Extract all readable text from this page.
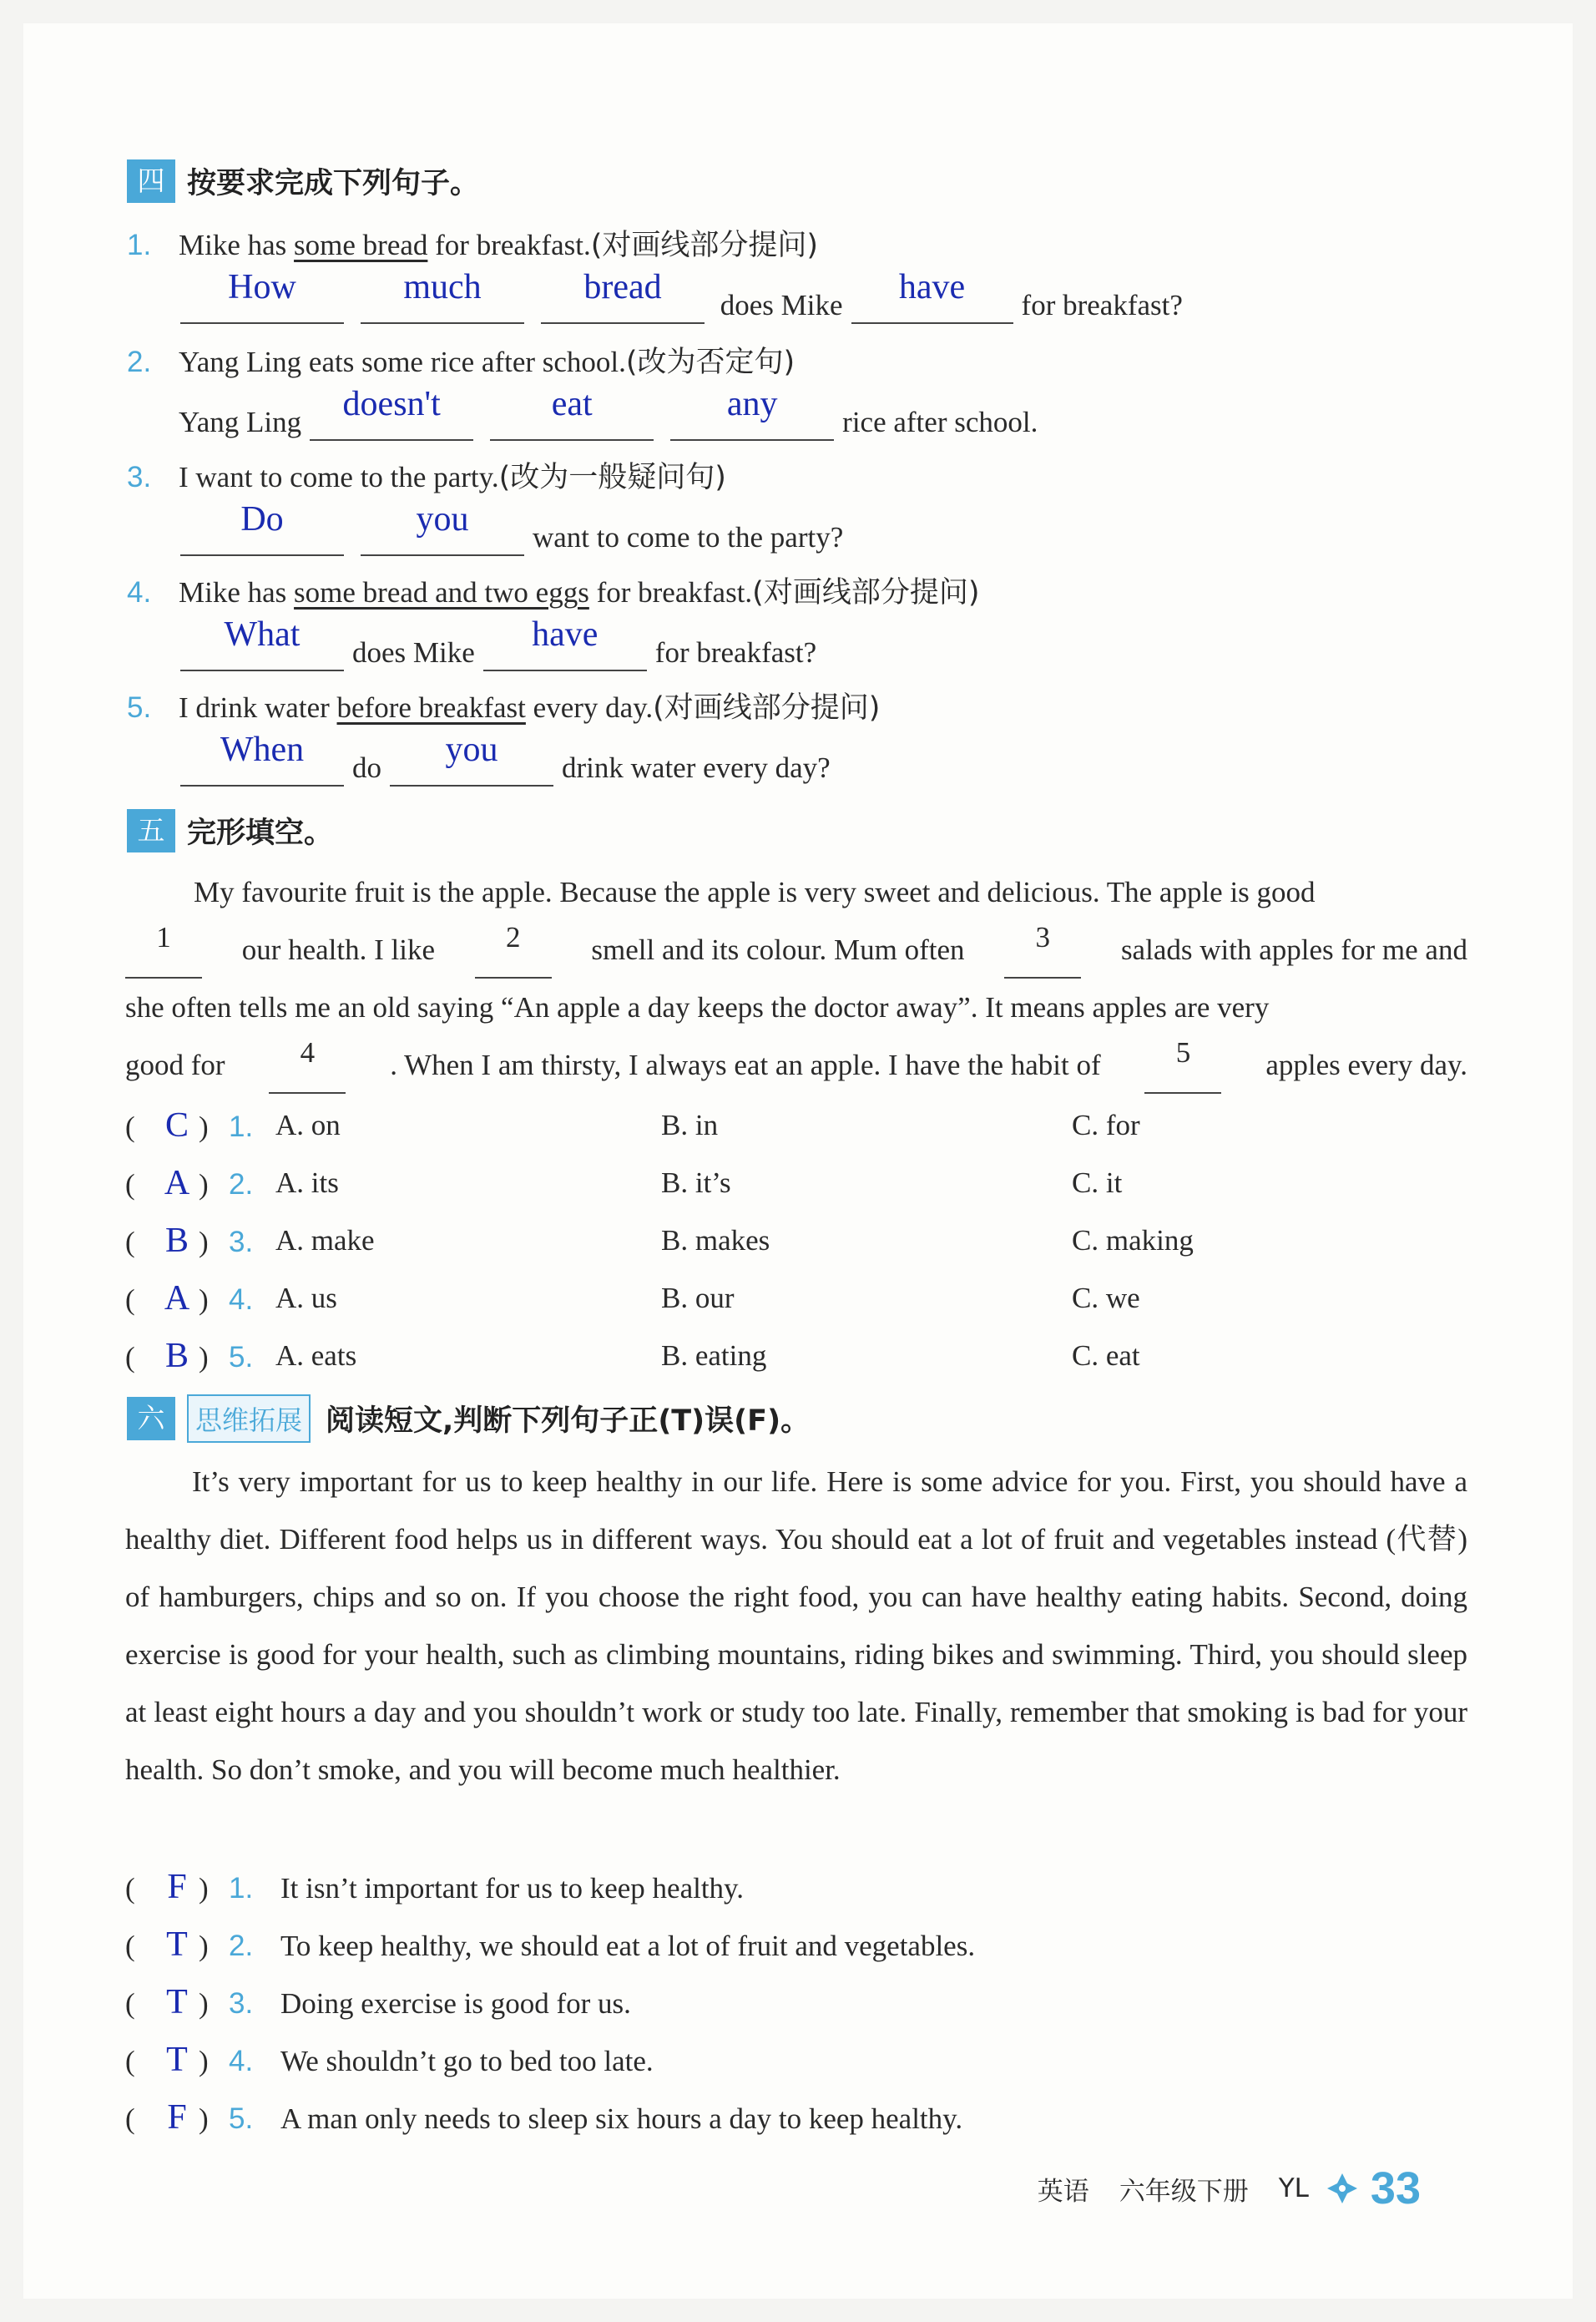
四 按要求完成下列句子。
1. Mike has some bread for breakfast.(对画线部分提问)
How	much	bread does Mike have for breakfast?
2. Yang Ling eats some rice after school.(改为否定句)
Yang Ling doesn't	eat	any rice after school.
3. I want to come to the party.(改为一般疑问句)
Do	you want to come to the party?
4. Mike has some bread and two eggs for breakfast.(对画线部分提问)
What does Mike have for breakfast?
5. I drink water before breakfast every day.(对画线部分提问)
When do you drink water every day?
五 完形填空。
My favourite fruit is the apple. Because the apple is very sweet and delicious. The apple is good
1	our health. I like	2	smell and its colour. Mum often	3	salads with apples for me and
she often tells me an old saying “An apple a day keeps the doctor away”. It means apples are very
good for	4	. When I am thirsty, I always eat an apple. I have the habit of	5	apples every day.
( C ) 1. A. on	B. in	C. for
( A ) 2. A. its	B. it’s	C. it
( B ) 3. A. make	B. makes	C. making
( A ) 4. A. us	B. our	C. we
( B ) 5. A. eats	B. eating	C. eat
六	思维拓展 阅读短文,判断下列句子正(T)误(F)。
It’s very important for us to keep healthy in our life. Here is some advice for you. First, you should have a healthy diet. Different food helps us in different ways. You should eat a lot of fruit and vegetables instead (代替) of hamburgers, chips and so on. If you choose the right food, you can have healthy eating habits. Second, doing exercise is good for your health, such as climbing mountains, riding bikes and swimming. Third, you should sleep at least eight hours a day and you shouldn’t work or study too late. Finally, remember that smoking is bad for your health. So don’t smoke, and you will become much healthier.
( F ) 1. It isn’t important for us to keep healthy.
( T ) 2. To keep healthy, we should eat a lot of fruit and vegetables.
( T ) 3. Doing exercise is good for us.
( T ) 4. We shouldn’t go to bed too late.
( F ) 5. A man only needs to sleep six hours a day to keep healthy.
英语 六年级下册 YL 33
